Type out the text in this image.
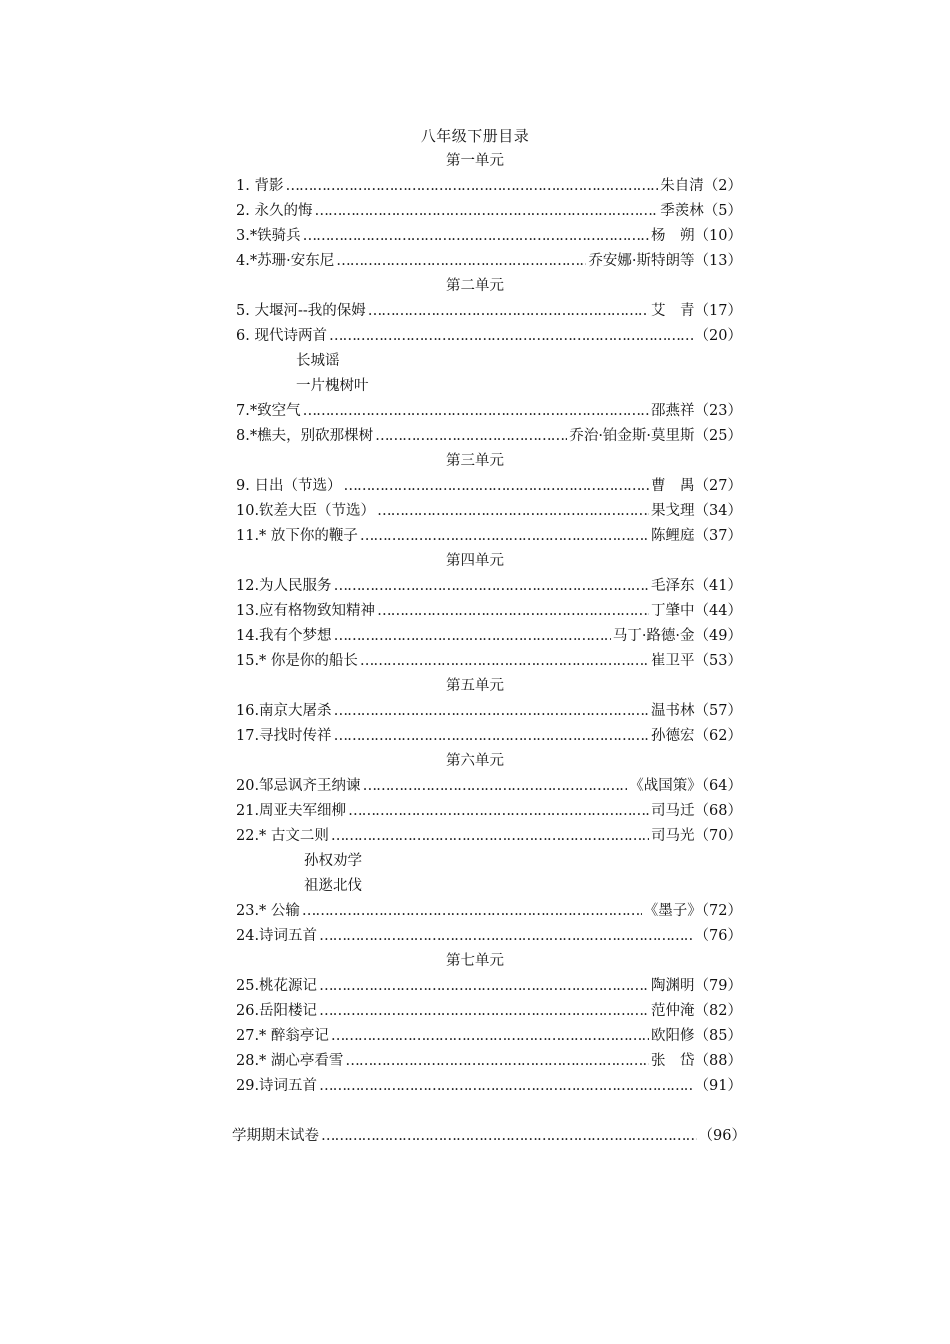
八年级下册目录
第一单元
1. 背影 ……………………………………………………………………………………………………………………………	朱自清（2）
2. 永久的悔 ……………………………………………………………………………………………………………………………	季羡林（5）
3.*铁骑兵 ……………………………………………………………………………………………………………………………	杨　朔（10）
4.*苏珊·安东尼 ……………………………………………………………………………………………………………………………	乔安娜·斯特朗等（13）
第二单元
5. 大堰河--我的保姆 ……………………………………………………………………………………………………………………………	艾　青（17）
6. 现代诗两首 ……………………………………………………………………………………………………………………………	（20）
长城谣
一片槐树叶
7.*致空气 ……………………………………………………………………………………………………………………………	邵燕祥（23）
8.*樵夫，别砍那棵树 ……………………………………………………………………………………………………………………………	乔治·铂金斯·莫里斯（25）
第三单元
9. 日出（节选） ……………………………………………………………………………………………………………………………	曹　禺（27）
10.钦差大臣（节选） ……………………………………………………………………………………………………………………………	果戈理（34）
11.* 放下你的鞭子 ……………………………………………………………………………………………………………………………	陈鲤庭（37）
第四单元
12.为人民服务 ……………………………………………………………………………………………………………………………	毛泽东（41）
13.应有格物致知精神 ……………………………………………………………………………………………………………………………	丁肇中（44）
14.我有个梦想 ……………………………………………………………………………………………………………………………	马丁·路德·金（49）
15.* 你是你的船长 ……………………………………………………………………………………………………………………………	崔卫平（53）
第五单元
16.南京大屠杀 ……………………………………………………………………………………………………………………………	温书林（57）
17.寻找时传祥 ……………………………………………………………………………………………………………………………	孙德宏（62）
第六单元
20.邹忌讽齐王纳谏 ……………………………………………………………………………………………………………………………	《战国策》（64）
21.周亚夫军细柳 ……………………………………………………………………………………………………………………………	司马迁（68）
22.* 古文二则 ……………………………………………………………………………………………………………………………	司马光（70）
孙权劝学
祖逖北伐
23.* 公输 ……………………………………………………………………………………………………………………………	《墨子》（72）
24.诗词五首 ……………………………………………………………………………………………………………………………	（76）
第七单元
25.桃花源记 ……………………………………………………………………………………………………………………………	陶渊明（79）
26.岳阳楼记 ……………………………………………………………………………………………………………………………	范仲淹（82）
27.* 醉翁亭记 ……………………………………………………………………………………………………………………………	欧阳修（85）
28.* 湖心亭看雪 ……………………………………………………………………………………………………………………………	张　岱（88）
29.诗词五首 ……………………………………………………………………………………………………………………………	（91）
学期期末试卷 ……………………………………………………………………………………………………………………………	（96）
